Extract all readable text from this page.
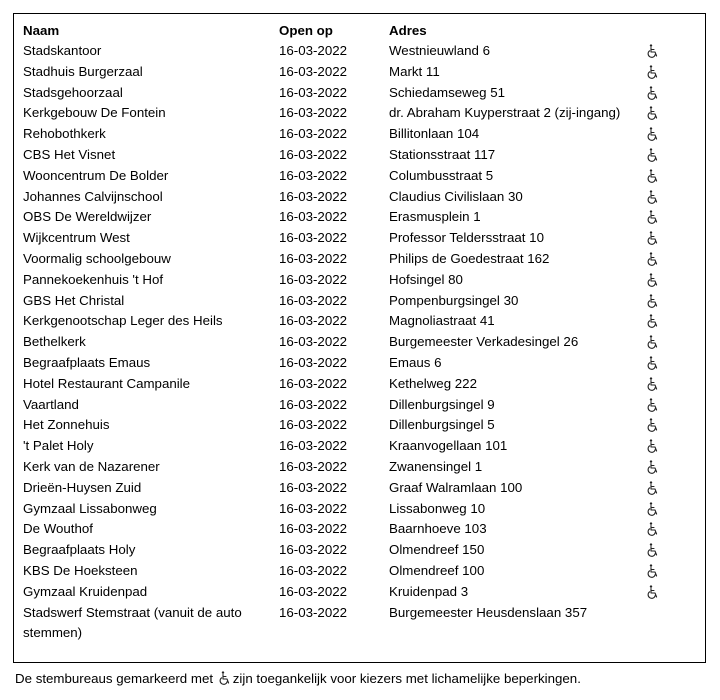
Naam	Open op	Adres	
Stadskantoor	16-03-2022	Westnieuwland 6	
Stadhuis Burgerzaal	16-03-2022	Markt 11	
Stadsgehoorzaal	16-03-2022	Schiedamseweg 51	
Kerkgebouw De Fontein	16-03-2022	dr. Abraham Kuyperstraat 2 (zij-ingang)	
Rehobothkerk	16-03-2022	Billitonlaan 104	
CBS Het Visnet	16-03-2022	Stationsstraat 117	
Wooncentrum De Bolder	16-03-2022	Columbusstraat 5	
Johannes Calvijnschool	16-03-2022	Claudius Civilislaan 30	
OBS De Wereldwijzer	16-03-2022	Erasmusplein 1	
Wijkcentrum West	16-03-2022	Professor Teldersstraat 10	
Voormalig schoolgebouw	16-03-2022	Philips de Goedestraat 162	
Pannekoekenhuis 't Hof	16-03-2022	Hofsingel 80	
GBS Het Christal	16-03-2022	Pompenburgsingel 30	
Kerkgenootschap Leger des Heils	16-03-2022	Magnoliastraat 41	
Bethelkerk	16-03-2022	Burgemeester Verkadesingel 26	
Begraafplaats Emaus	16-03-2022	Emaus 6	
Hotel Restaurant Campanile	16-03-2022	Kethelweg 222	
Vaartland	16-03-2022	Dillenburgsingel 9	
Het Zonnehuis	16-03-2022	Dillenburgsingel 5	
't Palet Holy	16-03-2022	Kraanvogellaan 101	
Kerk van de Nazarener	16-03-2022	Zwanensingel 1	
Drieën-Huysen Zuid	16-03-2022	Graaf Walramlaan 100	
Gymzaal Lissabonweg	16-03-2022	Lissabonweg 10	
De Wouthof	16-03-2022	Baarnhoeve 103	
Begraafplaats Holy	16-03-2022	Olmendreef 150	
KBS De Hoeksteen	16-03-2022	Olmendreef 100	
Gymzaal Kruidenpad	16-03-2022	Kruidenpad 3	
Stadswerf Stemstraat (vanuit de auto stemmen)	16-03-2022	Burgemeester Heusdenslaan 357	
De stembureaus gemarkeerd met zijn toegankelijk voor kiezers met lichamelijke beperkingen.
